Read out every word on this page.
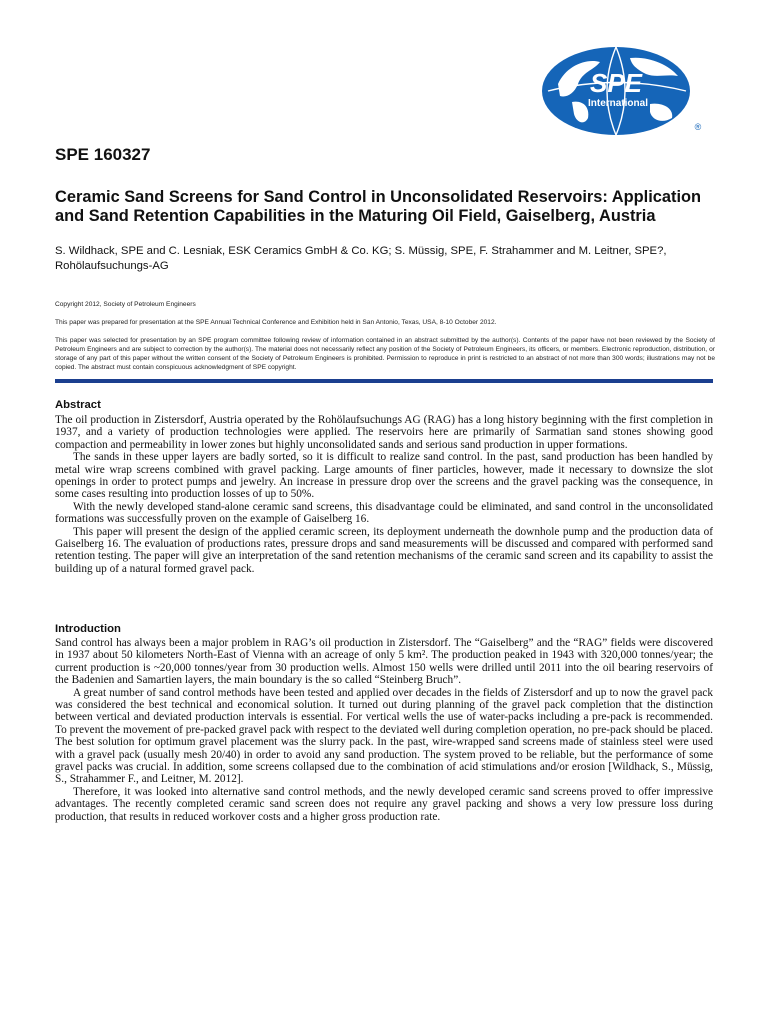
SPE
International
®
SPE 160327
Ceramic Sand Screens for Sand Control in Unconsolidated Reservoirs: Application and Sand Retention Capabilities in the Maturing Oil Field, Gaiselberg, Austria
S. Wildhack, SPE and C. Lesniak, ESK Ceramics GmbH & Co. KG; S. Müssig, SPE, F. Strahammer and M. Leitner, SPE?, Rohölaufsuchungs-AG
Copyright 2012, Society of Petroleum Engineers
This paper was prepared for presentation at the SPE Annual Technical Conference and Exhibition held in San Antonio, Texas, USA, 8-10 October 2012.
This paper was selected for presentation by an SPE program committee following review of information contained in an abstract submitted by the author(s). Contents of the paper have not been reviewed by the Society of Petroleum Engineers and are subject to correction by the author(s). The material does not necessarily reflect any position of the Society of Petroleum Engineers, its officers, or members. Electronic reproduction, distribution, or storage of any part of this paper without the written consent of the Society of Petroleum Engineers is prohibited. Permission to reproduce in print is restricted to an abstract of not more than 300 words; illustrations may not be copied. The abstract must contain conspicuous acknowledgment of SPE copyright.
Abstract

The oil production in Zistersdorf, Austria operated by the Rohölaufsuchungs AG (RAG) has a long history beginning with the first completion in 1937, and a variety of production technologies were applied. The reservoirs here are primarily of Sarmatian sand stones showing good compaction and permeability in lower zones but highly unconsolidated sands and serious sand production in upper formations.

The sands in these upper layers are badly sorted, so it is difficult to realize sand control. In the past, sand production has been handled by metal wire wrap screens combined with gravel packing. Large amounts of finer particles, however, made it necessary to downsize the slot openings in order to protect pumps and jewelry. An increase in pressure drop over the screens and the gravel packing was the consequence, in some cases resulting into production losses of up to 50%.

With the newly developed stand-alone ceramic sand screens, this disadvantage could be eliminated, and sand control in the unconsolidated formations was successfully proven on the example of Gaiselberg 16.

This paper will present the design of the applied ceramic screen, its deployment underneath the downhole pump and the production data of Gaiselberg 16. The evaluation of productions rates, pressure drops and sand measurements will be discussed and compared with performed sand retention testing. The paper will give an interpretation of the sand retention mechanisms of the ceramic sand screen and its capability to assist the building up of a natural formed gravel pack.

Introduction

Sand control has always been a major problem in RAG’s oil production in Zistersdorf. The “Gaiselberg” and the “RAG” fields were discovered in 1937 about 50 kilometers North-East of Vienna with an acreage of only 5 km². The production peaked in 1943 with 320,000 tonnes/year; the current production is ~20,000 tonnes/year from 30 production wells. Almost 150 wells were drilled until 2011 into the oil bearing reservoirs of the Badenien and Samartien layers, the main boundary is the so called “Steinberg Bruch”.

A great number of sand control methods have been tested and applied over decades in the fields of Zistersdorf and up to now the gravel pack was considered the best technical and economical solution. It turned out during planning of the gravel pack completion that the distinction between vertical and deviated production intervals is essential. For vertical wells the use of water-packs including a pre-pack is recommended. To prevent the movement of pre-packed gravel pack with respect to the deviated well during completion operation, no pre-pack should be placed. The best solution for optimum gravel placement was the slurry pack. In the past, wire-wrapped sand screens made of stainless steel were used with a gravel pack (usually mesh 20/40) in order to avoid any sand production. The system proved to be reliable, but the performance of some gravel packs was crucial. In addition, some screens collapsed due to the combination of acid stimulations and/or erosion [Wildhack, S., Müssig, S., Strahammer F., and Leitner, M. 2012].

Therefore, it was looked into alternative sand control methods, and the newly developed ceramic sand screens proved to offer impressive advantages. The recently completed ceramic sand screen does not require any gravel packing and shows a very low pressure loss during production, that results in reduced workover costs and a higher gross production rate.
